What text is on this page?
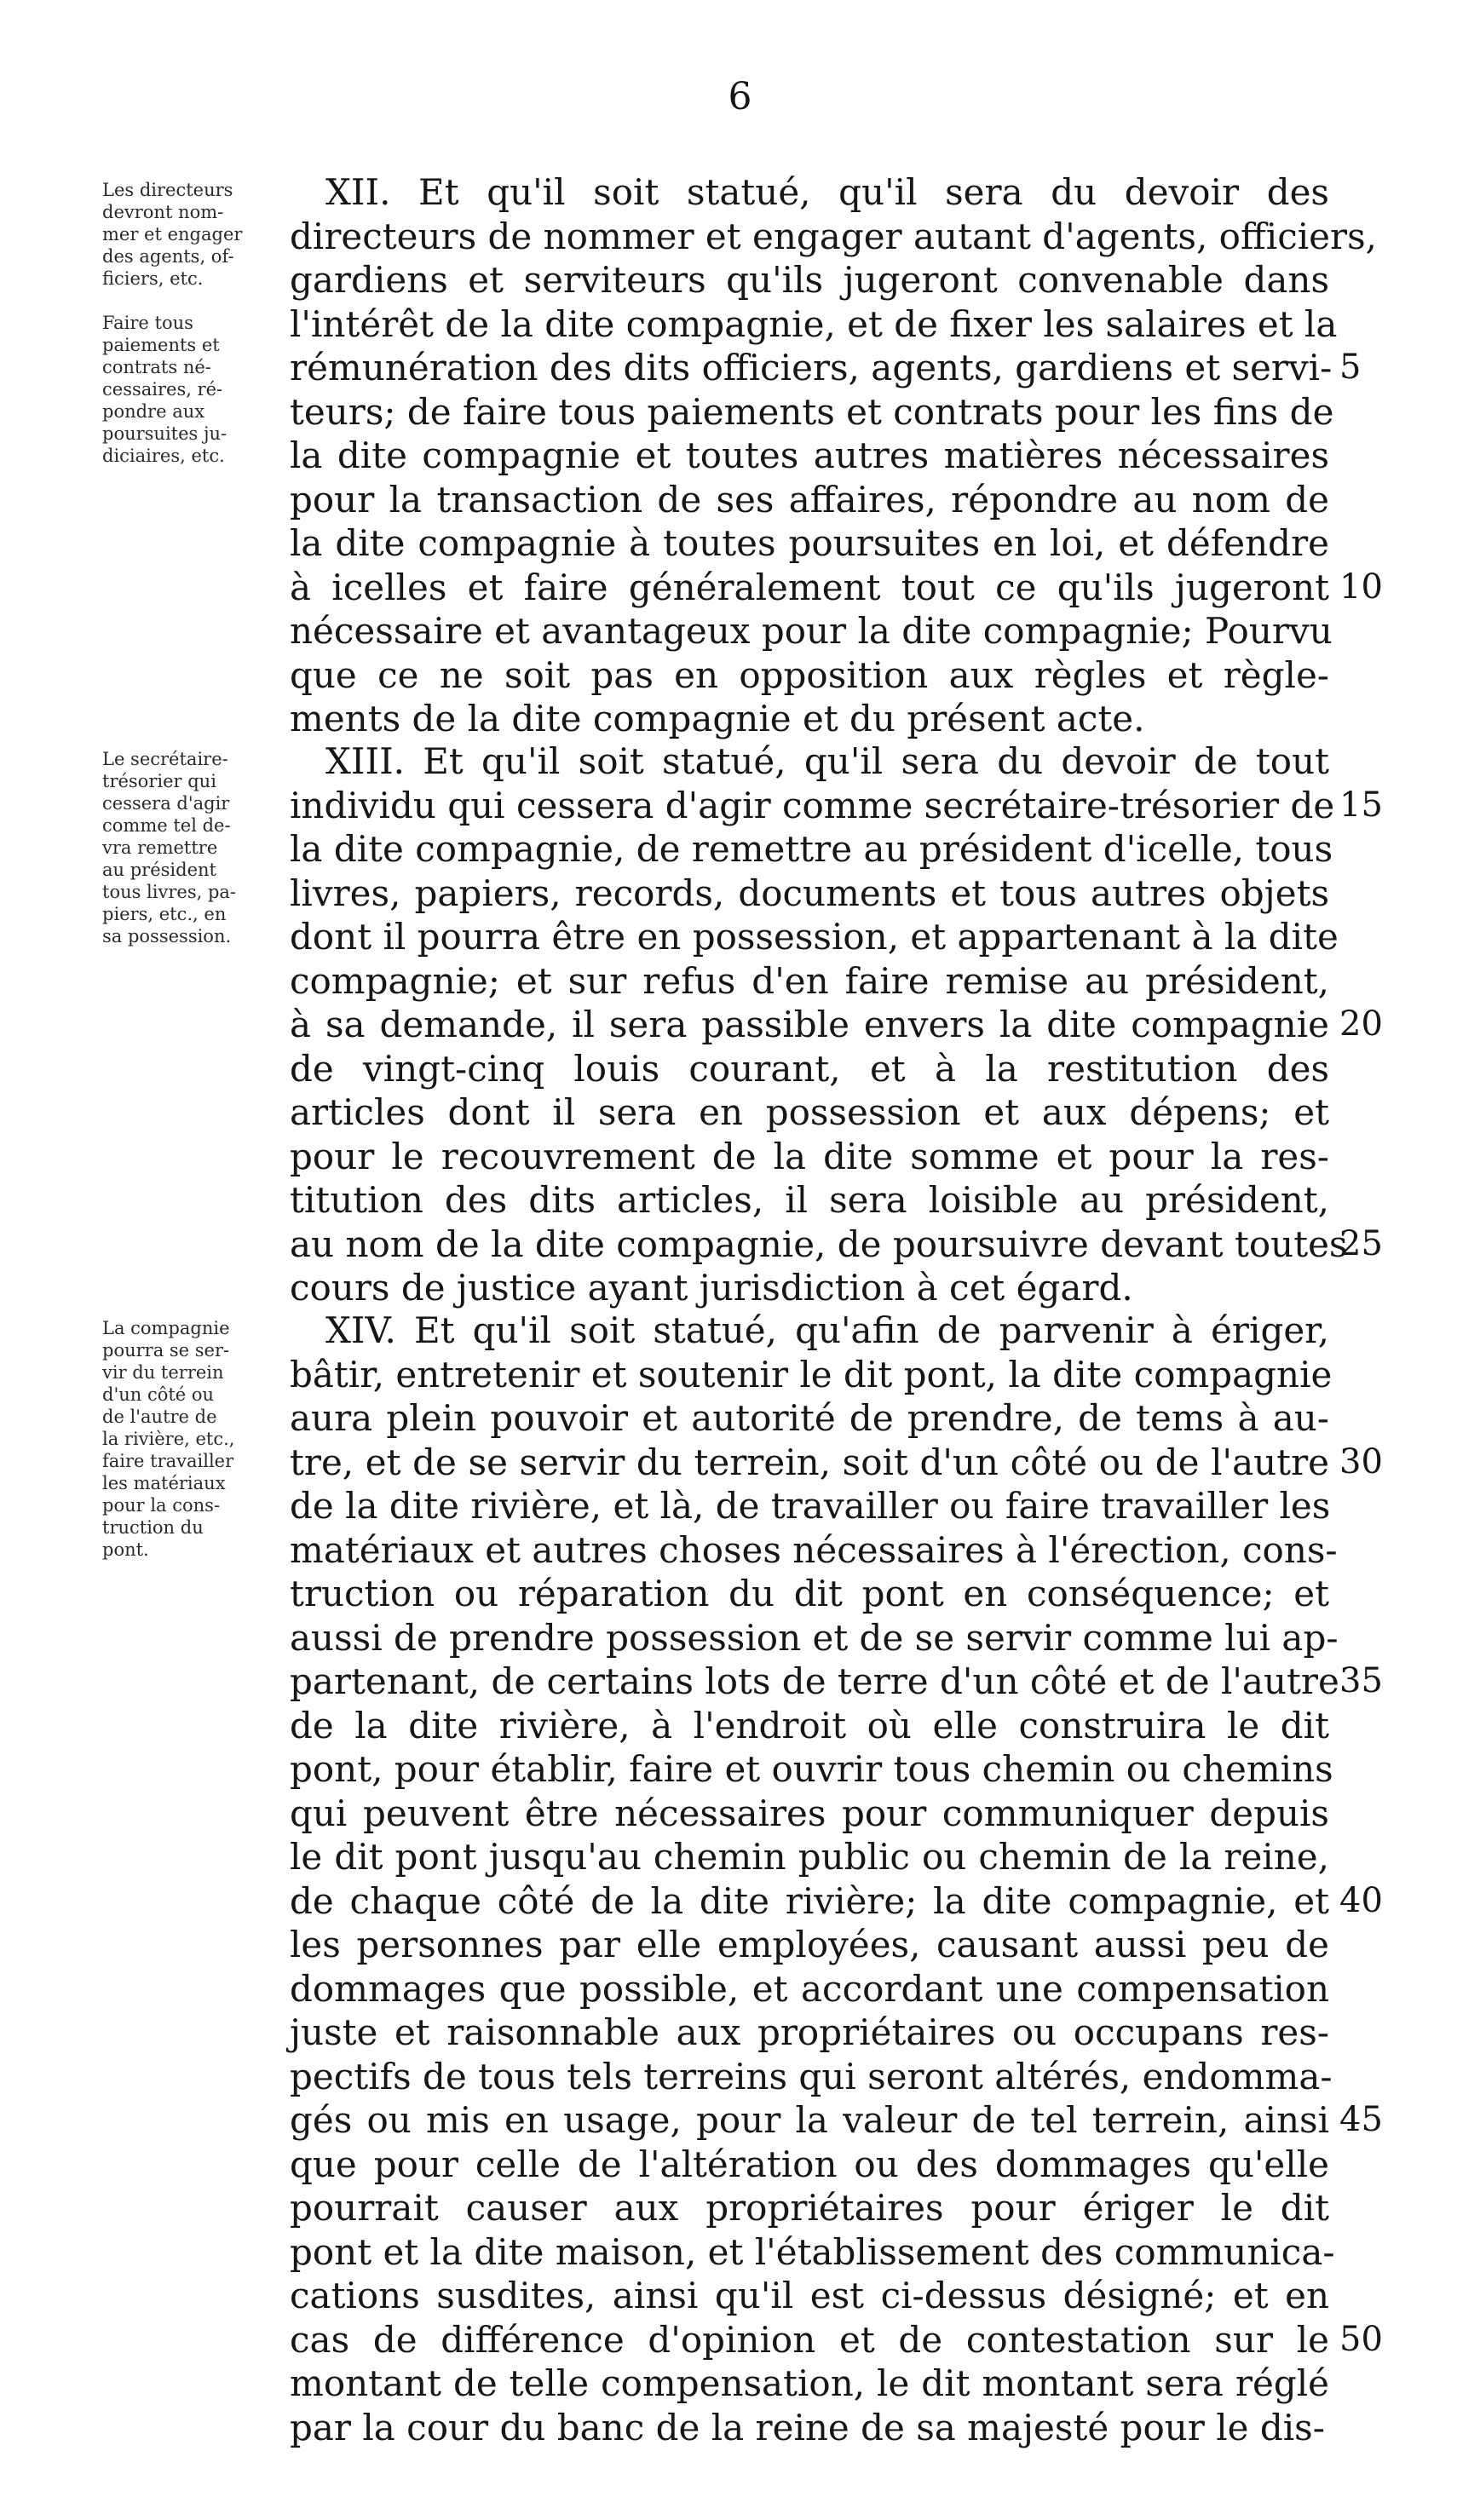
6
Les directeurs
devront nom-
mer et engager
des agents, of-
ficiers, etc.
Faire tous
paiements et
contrats né-
cessaires, ré-
pondre aux
poursuites ju-
diciaires, etc.
XII. Et qu'il soit statué, qu'il sera du devoir des
directeurs de nommer et engager autant d'agents, officiers,
gardiens et serviteurs qu'ils jugeront convenable dans
l'intérêt de la dite compagnie, et de fixer les salaires et la
rémunération des dits officiers, agents, gardiens et servi-
teurs; de faire tous paiements et contrats pour les fins de
la dite compagnie et toutes autres matières nécessaires
pour la transaction de ses affaires, répondre au nom de
la dite compagnie à toutes poursuites en loi, et défendre
à icelles et faire généralement tout ce qu'ils jugeront
nécessaire et avantageux pour la dite compagnie; Pourvu
que ce ne soit pas en opposition aux règles et règle-
ments de la dite compagnie et du présent acte.
5
10
Le secrétaire-
trésorier qui
cessera d'agir
comme tel de-
vra remettre
au président
tous livres, pa-
piers, etc., en
sa possession.
XIII. Et qu'il soit statué, qu'il sera du devoir de tout
individu qui cessera d'agir comme secrétaire-trésorier de
la dite compagnie, de remettre au président d'icelle, tous
livres, papiers, records, documents et tous autres objets
dont il pourra être en possession, et appartenant à la dite
compagnie; et sur refus d'en faire remise au président,
à sa demande, il sera passible envers la dite compagnie
de vingt-cinq louis courant, et à la restitution des
articles dont il sera en possession et aux dépens; et
pour le recouvrement de la dite somme et pour la res-
titution des dits articles, il sera loisible au président,
au nom de la dite compagnie, de poursuivre devant toutes
cours de justice ayant jurisdiction à cet égard.
15
20
25
La compagnie
pourra se ser-
vir du terrein
d'un côté ou
de l'autre de
la rivière, etc.,
faire travailler
les matériaux
pour la cons-
truction du
pont.
XIV. Et qu'il soit statué, qu'afin de parvenir à ériger,
bâtir, entretenir et soutenir le dit pont, la dite compagnie
aura plein pouvoir et autorité de prendre, de tems à au-
tre, et de se servir du terrein, soit d'un côté ou de l'autre
de la dite rivière, et là, de travailler ou faire travailler les
matériaux et autres choses nécessaires à l'érection, cons-
truction ou réparation du dit pont en conséquence; et
aussi de prendre possession et de se servir comme lui ap-
partenant, de certains lots de terre d'un côté et de l'autre
de la dite rivière, à l'endroit où elle construira le dit
pont, pour établir, faire et ouvrir tous chemin ou chemins
qui peuvent être nécessaires pour communiquer depuis
le dit pont jusqu'au chemin public ou chemin de la reine,
de chaque côté de la dite rivière; la dite compagnie, et
les personnes par elle employées, causant aussi peu de
dommages que possible, et accordant une compensation
juste et raisonnable aux propriétaires ou occupans res-
pectifs de tous tels terreins qui seront altérés, endomma-
gés ou mis en usage, pour la valeur de tel terrein, ainsi
que pour celle de l'altération ou des dommages qu'elle
pourrait causer aux propriétaires pour ériger le dit
pont et la dite maison, et l'établissement des communica-
cations susdites, ainsi qu'il est ci-dessus désigné; et en
cas de différence d'opinion et de contestation sur le
montant de telle compensation, le dit montant sera réglé
par la cour du banc de la reine de sa majesté pour le dis-
30
35
40
45
50
